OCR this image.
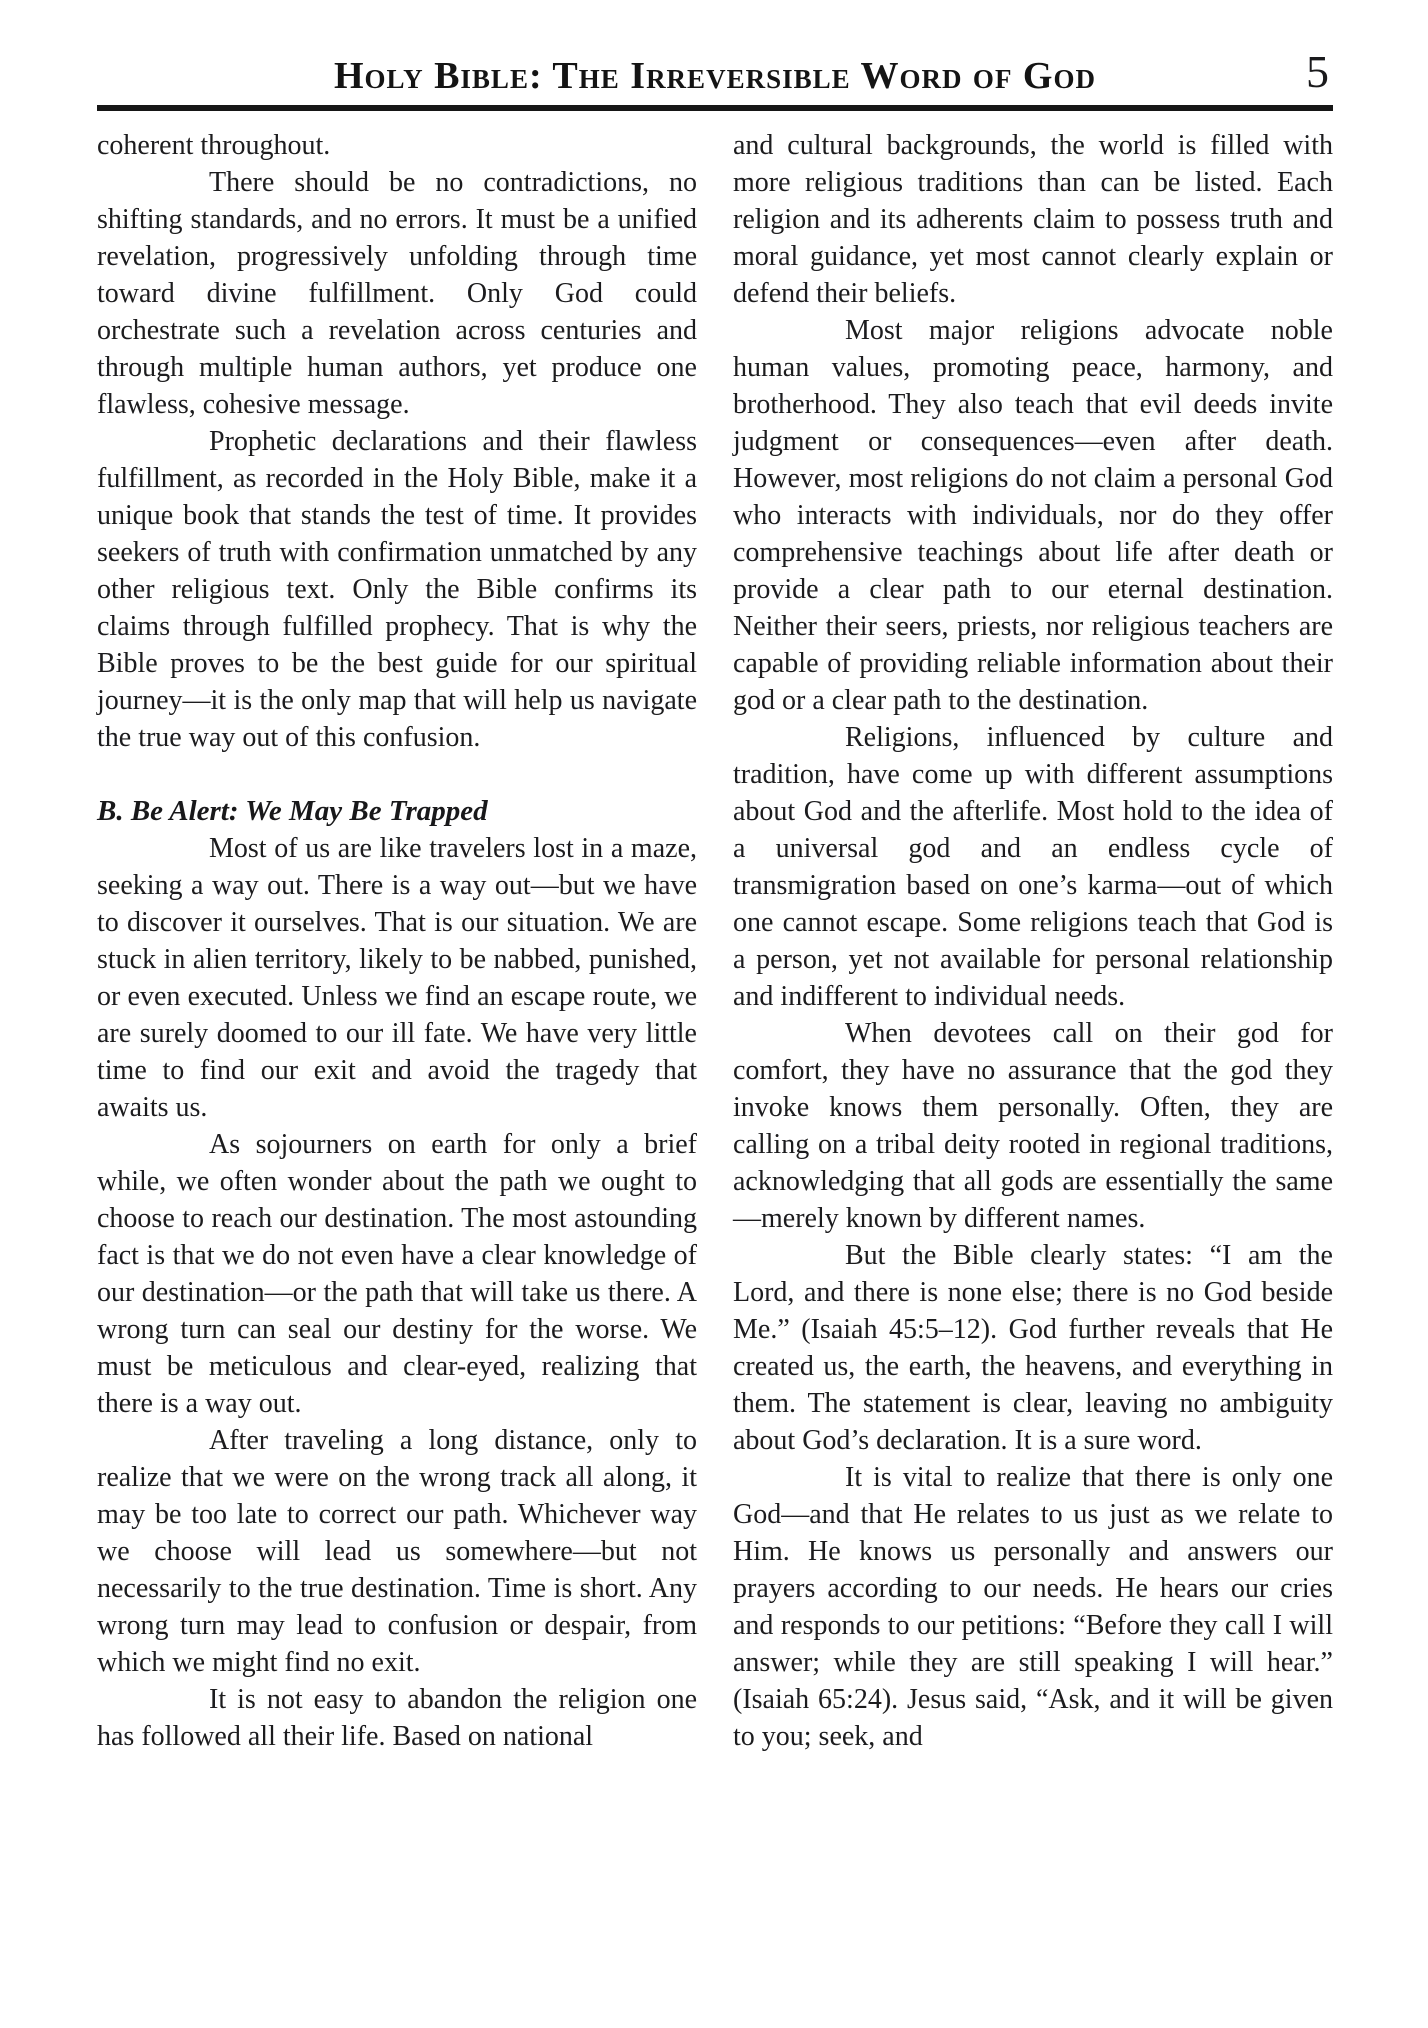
Holy Bible: The Irreversible Word of God	5

coherent throughout.

There should be no contradictions, no shifting standards, and no errors. It must be a unified revelation, progressively unfolding through time toward divine fulfillment. Only God could orchestrate such a revelation across centuries and through multiple human authors, yet produce one flawless, cohesive message.

Prophetic declarations and their flawless fulfillment, as recorded in the Holy Bible, make it a unique book that stands the test of time. It provides seekers of truth with confirmation unmatched by any other religious text. Only the Bible confirms its claims through fulfilled prophecy. That is why the Bible proves to be the best guide for our spiritual journey—it is the only map that will help us navigate the true way out of this confusion.

B. Be Alert: We May Be Trapped

Most of us are like travelers lost in a maze, seeking a way out. There is a way out—but we have to discover it ourselves. That is our situation. We are stuck in alien territory, likely to be nabbed, punished, or even executed. Unless we find an escape route, we are surely doomed to our ill fate. We have very little time to find our exit and avoid the tragedy that awaits us.

As sojourners on earth for only a brief while, we often wonder about the path we ought to choose to reach our destination. The most astounding fact is that we do not even have a clear knowledge of our destination—or the path that will take us there. A wrong turn can seal our destiny for the worse. We must be meticulous and clear-eyed, realizing that there is a way out.

After traveling a long distance, only to realize that we were on the wrong track all along, it may be too late to correct our path. Whichever way we choose will lead us somewhere—but not necessarily to the true destination. Time is short. Any wrong turn may lead to confusion or despair, from which we might find no exit.

It is not easy to abandon the religion one has followed all their life. Based on national

and cultural backgrounds, the world is filled with more religious traditions than can be listed. Each religion and its adherents claim to possess truth and moral guidance, yet most cannot clearly explain or defend their beliefs.

Most major religions advocate noble human values, promoting peace, harmony, and brotherhood. They also teach that evil deeds invite judgment or consequences—even after death. However, most religions do not claim a personal God who interacts with individuals, nor do they offer comprehensive teachings about life after death or provide a clear path to our eternal destination. Neither their seers, priests, nor religious teachers are capable of providing reliable information about their god or a clear path to the destination.

Religions, influenced by culture and tradition, have come up with different assumptions about God and the afterlife. Most hold to the idea of a universal god and an endless cycle of transmigration based on one’s karma—out of which one cannot escape. Some religions teach that God is a person, yet not available for personal relationship and indifferent to individual needs.

When devotees call on their god for comfort, they have no assurance that the god they invoke knows them personally. Often, they are calling on a tribal deity rooted in regional traditions, acknowledging that all gods are essentially the same—merely known by different names.

But the Bible clearly states: “I am the Lord, and there is none else; there is no God beside Me.” (Isaiah 45:5–12). God further reveals that He created us, the earth, the heavens, and everything in them. The statement is clear, leaving no ambiguity about God’s declaration. It is a sure word.

It is vital to realize that there is only one God—and that He relates to us just as we relate to Him. He knows us personally and answers our prayers according to our needs. He hears our cries and responds to our petitions: “Before they call I will answer; while they are still speaking I will hear.” (Isaiah 65:24). Jesus said, “Ask, and it will be given to you; seek, and
